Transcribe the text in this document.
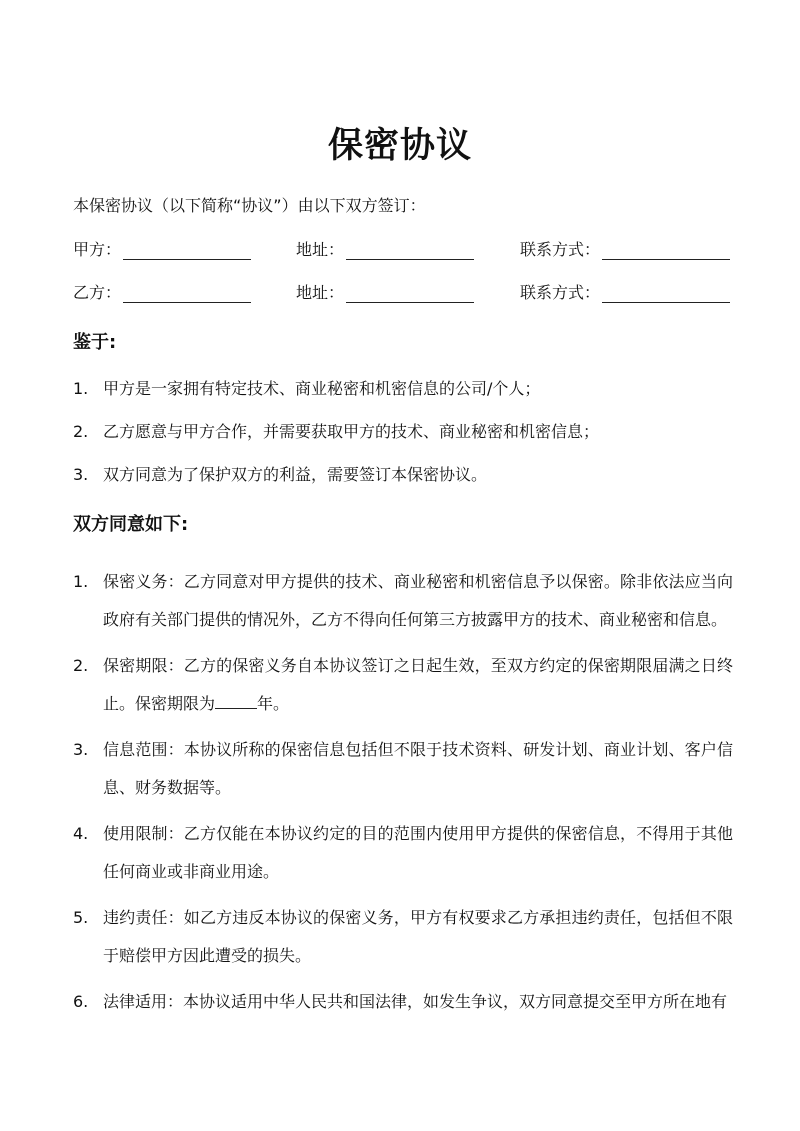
保密协议
本保密协议（以下简称“协议”）由以下双方签订：
甲方：	地址：	联系方式：
乙方：	地址：	联系方式：
鉴于:
1. 甲方是一家拥有特定技术、商业秘密和机密信息的公司/个人；
2. 乙方愿意与甲方合作，并需要获取甲方的技术、商业秘密和机密信息；
3. 双方同意为了保护双方的利益，需要签订本保密协议。
双方同意如下:
1. 保密义务：乙方同意对甲方提供的技术、商业秘密和机密信息予以保密。除非依法应当向政府有关部门提供的情况外，乙方不得向任何第三方披露甲方的技术、商业秘密和信息。
2. 保密期限：乙方的保密义务自本协议签订之日起生效，至双方约定的保密期限届满之日终止。保密期限为	年。
3. 信息范围：本协议所称的保密信息包括但不限于技术资料、研发计划、商业计划、客户信息、财务数据等。
4. 使用限制：乙方仅能在本协议约定的目的范围内使用甲方提供的保密信息，不得用于其他任何商业或非商业用途。
5. 违约责任：如乙方违反本协议的保密义务，甲方有权要求乙方承担违约责任，包括但不限于赔偿甲方因此遭受的损失。
6. 法律适用：本协议适用中华人民共和国法律，如发生争议，双方同意提交至甲方所在地有
